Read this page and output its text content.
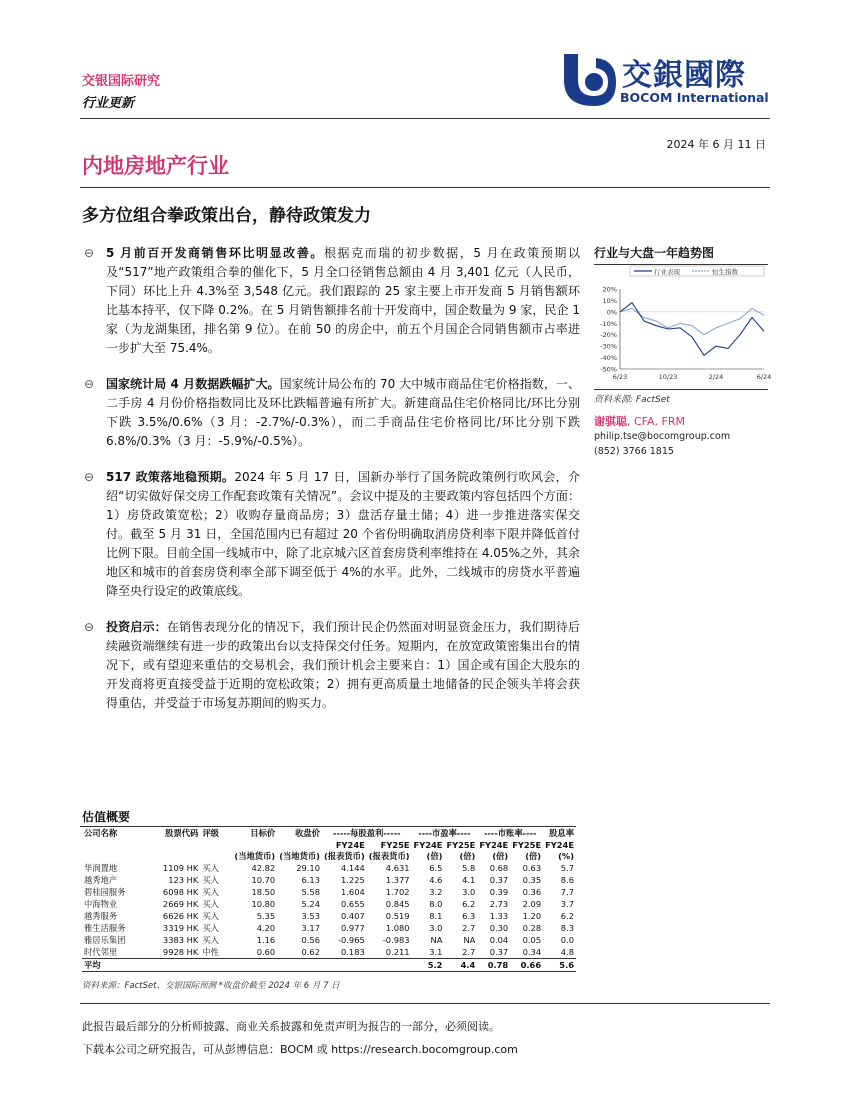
交银国际研究
行业更新
交銀國際
BOCOM International
2024 年 6 月 11 日
内地房地产行业
多方位组合拳政策出台，静待政策发力
⊖ 5 月前百开发商销售环比明显改善。根据克而瑞的初步数据，5 月在政策预期以及“517”地产政策组合拳的催化下，5 月全口径销售总额由 4 月 3,401 亿元（人民币，下同）环比上升 4.3%至 3,548 亿元。我们跟踪的 25 家主要上市开发商 5 月销售额环比基本持平，仅下降 0.2%。在 5 月销售额排名前十开发商中，国企数量为 9 家，民企 1 家（为龙湖集团，排名第 9 位）。在前 50 的房企中，前五个月国企合同销售额市占率进一步扩大至 75.4%。
⊖ 国家统计局 4 月数据跌幅扩大。国家统计局公布的 70 大中城市商品住宅价格指数，一、二手房 4 月份价格指数同比及环比跌幅普遍有所扩大。新建商品住宅价格同比/环比分别下跌 3.5%/0.6%（3 月：-2.7%/-0.3%），而二手商品住宅价格同比/环比分别下跌 6.8%/0.3%（3 月：-5.9%/-0.5%）。
⊖ 517 政策落地稳预期。2024 年 5 月 17 日，国新办举行了国务院政策例行吹风会，介绍“切实做好保交房工作配套政策有关情况”。会议中提及的主要政策内容包括四个方面：1）房贷政策宽松；2）收购存量商品房；3）盘活存量土储；4）进一步推进落实保交付。截至 5 月 31 日，全国范围内已有超过 20 个省份明确取消房贷利率下限并降低首付比例下限。目前全国一线城市中，除了北京城六区首套房贷利率维持在 4.05%之外，其余地区和城市的首套房贷利率全部下调至低于 4%的水平。此外，二线城市的房贷水平普遍降至央行设定的政策底线。
⊖ 投资启示：在销售表现分化的情况下，我们预计民企仍然面对明显资金压力，我们期待后续融资端继续有进一步的政策出台以支持保交付任务。短期内，在放宽政策密集出台的情况下，或有望迎来重估的交易机会，我们预计机会主要来自：1）国企或有国企大股东的开发商将更直接受益于近期的宽松政策；2）拥有更高质量土地储备的民企领头羊将会获得重估，并受益于市场复苏期间的购买力。
行业与大盘一年趋势图
行业表现	恒生指数
20%
10%
0%
-10%
-20%
-30%
-40%
-50%
6/23	10/23	2/24	6/24
资料来源: FactSet
谢骐聪, CFA, FRM
philip.tse@bocomgroup.com
(852) 3766 1815
估值概要
公司名称	股票代码	评级	目标价	收盘价	-----每股盈利-----		----市盈率----		----市账率----		股息率
					FY24E	FY25E	FY24E	FY25E	FY24E	FY25E	FY24E
			(当地货币)	(当地货币)	(报表货币)	(报表货币)	(倍)	(倍)	(倍)	(倍)	(%)
华润置地	1109 HK	买入	42.82	29.10	4.144	4.631	6.5	5.8	0.68	0.63	5.7
越秀地产	123 HK	买入	10.70	6.13	1.225	1.377	4.6	4.1	0.37	0.35	8.6
碧桂园服务	6098 HK	买入	18.50	5.58	1.604	1.702	3.2	3.0	0.39	0.36	7.7
中海物业	2669 HK	买入	10.80	5.24	0.655	0.845	8.0	6.2	2.73	2.09	3.7
越秀服务	6626 HK	买入	5.35	3.53	0.407	0.519	8.1	6.3	1.33	1.20	6.2
雅生活服务	3319 HK	买入	4.20	3.17	0.977	1.080	3.0	2.7	0.30	0.28	8.3
雅居乐集团	3383 HK	买入	1.16	0.56	-0.965	-0.983	NA	NA	0.04	0.05	0.0
时代邻里	9928 HK	中性	0.60	0.62	0.183	0.211	3.1	2.7	0.37	0.34	4.8
平均							5.2	4.4	0.78	0.66	5.6
资料来源：FactSet、交银国际预测 *收盘价截至 2024 年 6 月 7 日
此报告最后部分的分析师披露、商业关系披露和免责声明为报告的一部分，必须阅读。
下载本公司之研究报告，可从彭博信息：BOCM 或 https://research.bocomgroup.com
